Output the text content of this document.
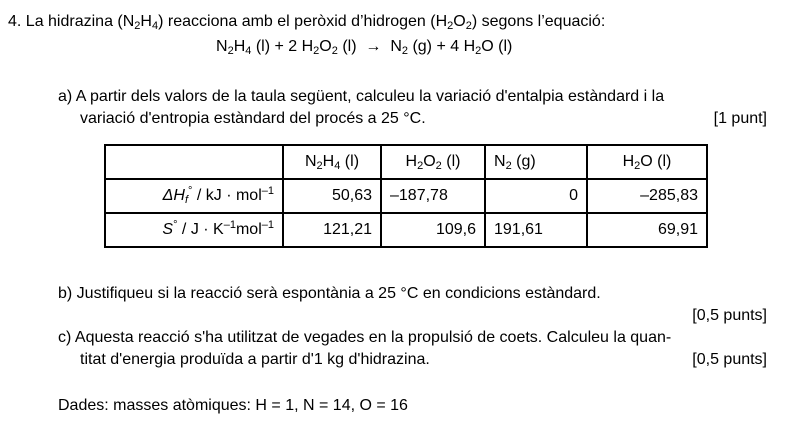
4. La hidrazina $(N_2H_4)$ reacciona amb el peròxid d’hidrogen $(H_2O_2)$ segons l’equació:
$N_2H_4$ (l) + 2 $H_2O_2$ $(l) \to N_2$ (g) + 4 $H_2O$ (l)
a) A partir dels valors de la taula següent, calculeu la variació d'entalpia estàndard i la
variació d'entropia estàndard del procés a 25 °C.	[1 punt]
	$N_2H_4$ (l)	$H_2O_2$ (l)	$N_2$ (g)	$H_2O$ (l)
$\Delta H_f^\circ$ / kJ · mol$^{-1}$	50,63	–187,78	0	–285,83
$S^\circ / J \cdot K^{-1}mol^{-1}$	121,21	109,6	191,61	69,91
b) Justifiqueu si la reacció serà espontània a 25 °C en condicions estàndard.
[0,5 punts]
c) Aquesta reacció s'ha utilitzat de vegades en la propulsió de coets. Calculeu la quan-
titat d'energia produïda a partir d'1 kg d'hidrazina.	[0,5 punts]
Dades: masses atòmiques: H = 1, N = 14, O = 16
